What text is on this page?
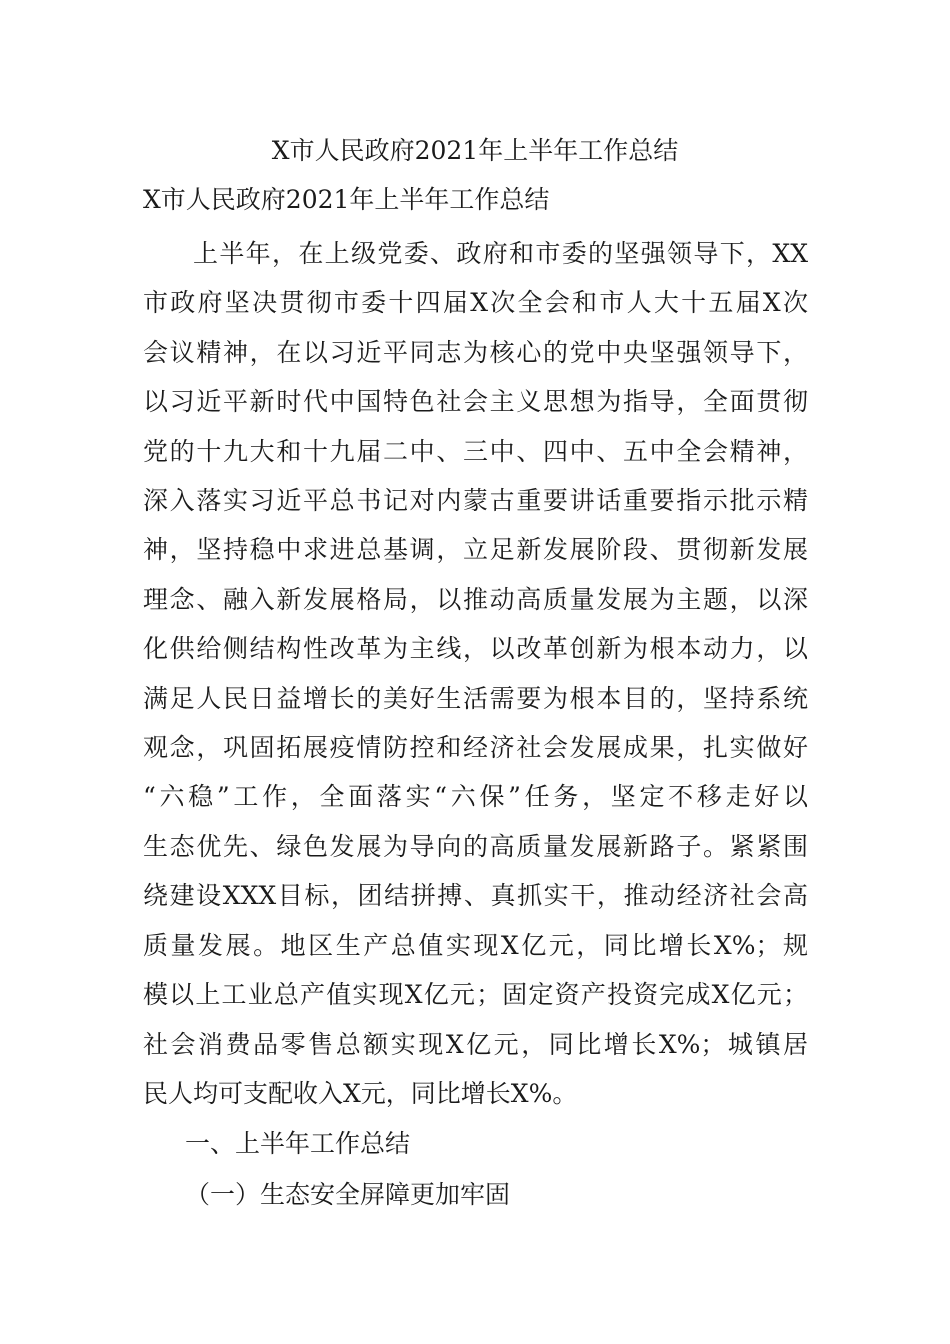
X市人民政府2021年上半年工作总结
X市人民政府2021年上半年工作总结

上半年，在上级党委、政府和市委的坚强领导下，XX
市政府坚决贯彻市委十四届X次全会和市人大十五届X次
会议精神，在以习近平同志为核心的党中央坚强领导下，
以习近平新时代中国特色社会主义思想为指导，全面贯彻
党的十九大和十九届二中、三中、四中、五中全会精神，
深入落实习近平总书记对内蒙古重要讲话重要指示批示精
神，坚持稳中求进总基调，立足新发展阶段、贯彻新发展
理念、融入新发展格局，以推动高质量发展为主题，以深
化供给侧结构性改革为主线，以改革创新为根本动力，以
满足人民日益增长的美好生活需要为根本目的，坚持系统
观念，巩固拓展疫情防控和经济社会发展成果，扎实做好
“六稳”工作，全面落实“六保”任务，坚定不移走好以
生态优先、绿色发展为导向的高质量发展新路子。紧紧围
绕建设XXX目标，团结拼搏、真抓实干，推动经济社会高
质量发展。地区生产总值实现X亿元，同比增长X%；规
模以上工业总产值实现X亿元；固定资产投资完成X亿元；
社会消费品零售总额实现X亿元，同比增长X%；城镇居
民人均可支配收入X元，同比增长X%。

一、上半年工作总结
（一）生态安全屏障更加牢固
